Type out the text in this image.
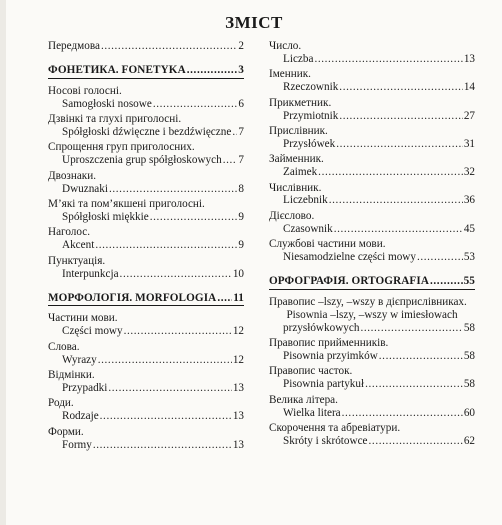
ЗМІСТ
Передмова .....	2
ФОНЕТИКА. FONETYKA .....	3
Носові голосні.
Samogłoski nosowe .....	6
Дзвінкі та глухі приголосні.
Spółgłoski dźwięczne i bezdźwięczne ..... 7
Спрощення груп приголосних.
Uproszczenia grup spółgłoskowych ..... 7
Двознаки.
Dwuznaki .....	8
М’які та пом’якшені приголосні.
Spółgłoski miękkie .....	9
Наголос.
Akcent .....	9
Пунктуація.
Interpunkcja .....	10
МОРФОЛОГІЯ. MORFOLOGIA ..... 11
Частини мови.
Części mowy .....	12
Слова.
Wyrazy .....	12
Відмінки.
Przypadki .....	13
Роди.
Rodzaje .....	13
Форми.
Formy .....	13
Число.
Liczba .....	13
Іменник.
Rzeczownik .....	14
Прикметник.
Przymiotnik .....	27
Прислівник.
Przysłówek .....	31
Займенник.
Zaimek .....	32
Числівник.
Liczebnik .....	36
Дієслово.
Czasownik .....	45
Службові частини мови.
Niesamodzielne części mowy .....	53
ОРФОГРАФІЯ. ORTOGRAFIA .....	55
Правопис –lszy, –wszy в дієприслівниках.
Pisownia –lszy, –wszy w imiesłowach
przysłówkowych .....	58
Правопис прийменників.
Pisownia przyimków .....	58
Правопис часток.
Pisownia partykuł .....	58
Велика літера.
Wielka litera .....	60
Скорочення та абревіатури.
Skróty i skrótowce .....	62
